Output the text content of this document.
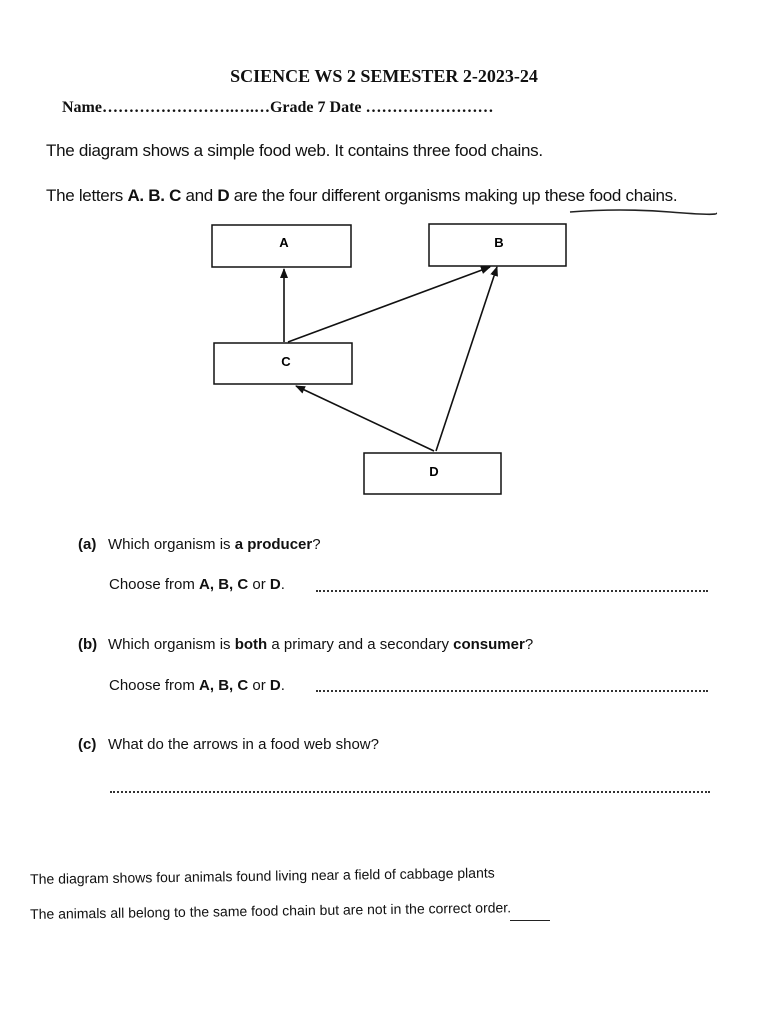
SCIENCE WS 2 SEMESTER 2-2023-24
Name…………………….….…Grade 7 Date ……………………
The diagram shows a simple food web. It contains three food chains.
The letters A. B. C and D are the four different organisms making up these food chains.
A	B
C
D
(a) Which organism is a producer?
Choose from A, B, C or D.
(b) Which organism is both a primary and a secondary consumer?
Choose from A, B, C or D.
(c) What do the arrows in a food web show?
The diagram shows four animals found living near a field of cabbage plants
The animals all belong to the same food chain but are not in the correct order.
